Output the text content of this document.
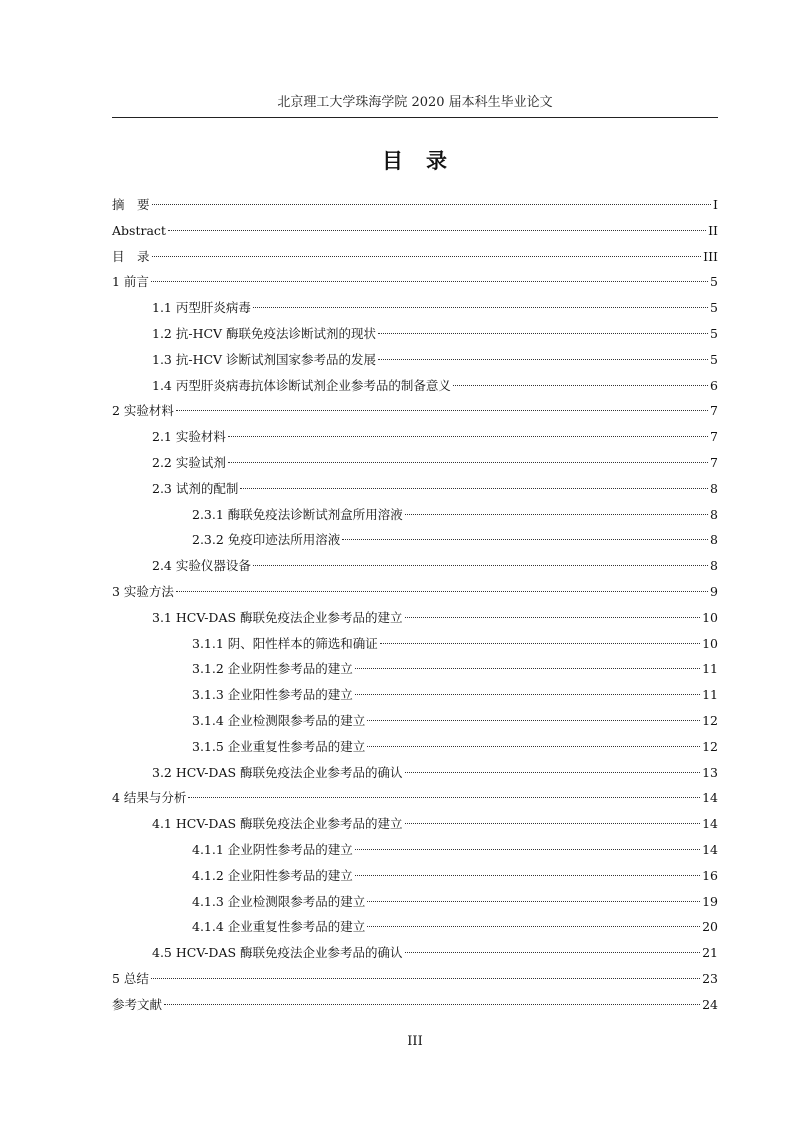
北京理工大学珠海学院 2020 届本科生毕业论文
目　录
摘　要	I
Abstract	II
目　录	III
1 前言	5
1.1 丙型肝炎病毒	5
1.2 抗-HCV 酶联免疫法诊断试剂的现状	5
1.3 抗-HCV 诊断试剂国家参考品的发展	5
1.4 丙型肝炎病毒抗体诊断试剂企业参考品的制备意义	6
2 实验材料	7
2.1 实验材料	7
2.2 实验试剂	7
2.3 试剂的配制	8
2.3.1 酶联免疫法诊断试剂盒所用溶液	8
2.3.2 免疫印迹法所用溶液	8
2.4 实验仪器设备	8
3 实验方法	9
3.1 HCV-DAS 酶联免疫法企业参考品的建立	10
3.1.1 阴、阳性样本的筛选和确证	10
3.1.2 企业阴性参考品的建立	11
3.1.3 企业阳性参考品的建立	11
3.1.4 企业检测限参考品的建立	12
3.1.5 企业重复性参考品的建立	12
3.2 HCV-DAS 酶联免疫法企业参考品的确认	13
4 结果与分析	14
4.1 HCV-DAS 酶联免疫法企业参考品的建立	14
4.1.1 企业阴性参考品的建立	14
4.1.2 企业阳性参考品的建立	16
4.1.3 企业检测限参考品的建立	19
4.1.4 企业重复性参考品的建立	20
4.5 HCV-DAS 酶联免疫法企业参考品的确认	21
5 总结	23
参考文献	24
III
